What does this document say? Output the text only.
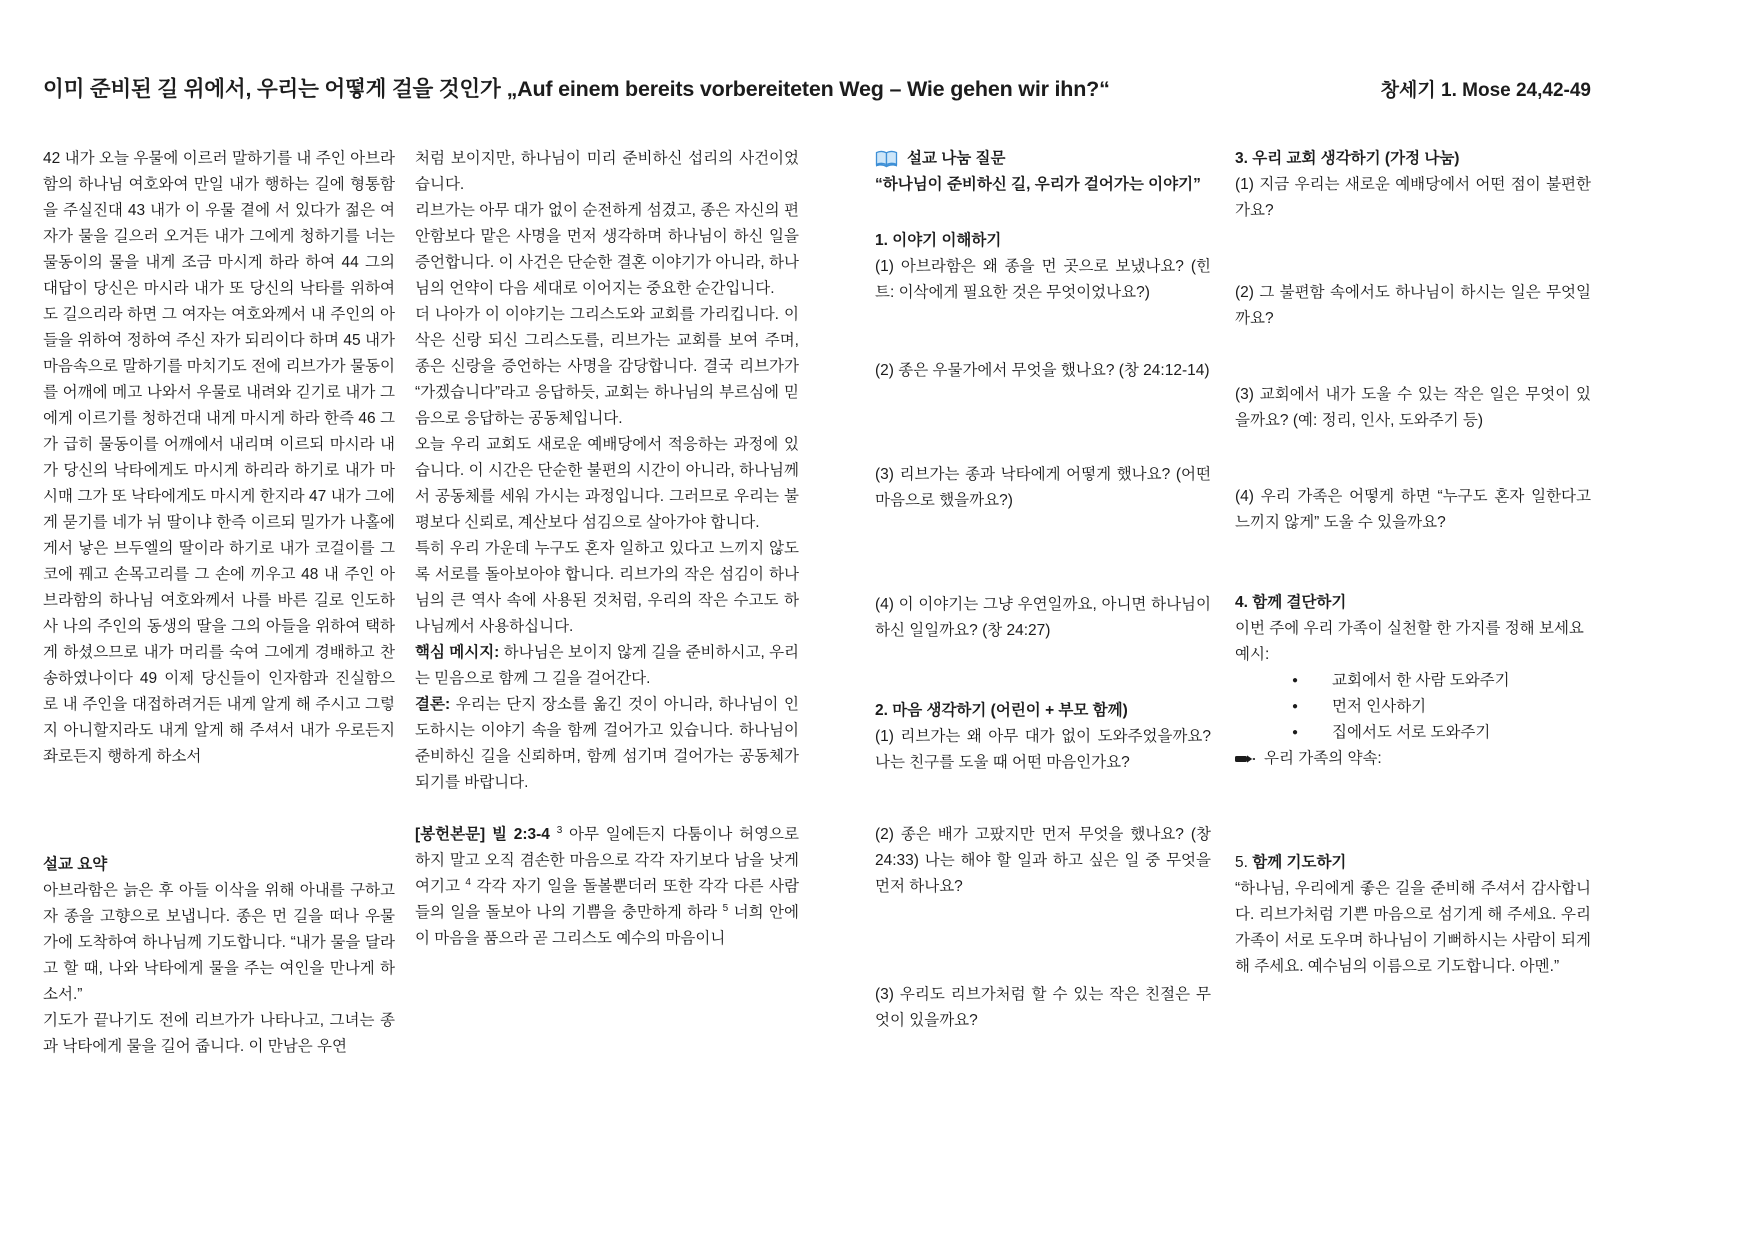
이미 준비된 길 위에서, 우리는 어떻게 걸을 것인가 „Auf einem bereits vorbereiteten Weg – Wie gehen wir ihn?“	창세기 1. Mose 24,42-49

42 내가 오늘 우물에 이르러 말하기를 내 주인 아브라함의 하나님 여호와여 만일 내가 행하는 길에 형통함을 주실진대 43 내가 이 우물 곁에 서 있다가 젊은 여자가 물을 길으러 오거든 내가 그에게 청하기를 너는 물동이의 물을 내게 조금 마시게 하라 하여 44 그의 대답이 당신은 마시라 내가 또 당신의 낙타를 위하여도 길으리라 하면 그 여자는 여호와께서 내 주인의 아들을 위하여 정하여 주신 자가 되리이다 하며 45 내가 마음속으로 말하기를 마치기도 전에 리브가가 물동이를 어깨에 메고 나와서 우물로 내려와 긷기로 내가 그에게 이르기를 청하건대 내게 마시게 하라 한즉 46 그가 급히 물동이를 어깨에서 내리며 이르되 마시라 내가 당신의 낙타에게도 마시게 하리라 하기로 내가 마시매 그가 또 낙타에게도 마시게 한지라 47 내가 그에게 묻기를 네가 뉘 딸이냐 한즉 이르되 밀가가 나홀에게서 낳은 브두엘의 딸이라 하기로 내가 코걸이를 그 코에 꿰고 손목고리를 그 손에 끼우고 48 내 주인 아브라함의 하나님 여호와께서 나를 바른 길로 인도하사 나의 주인의 동생의 딸을 그의 아들을 위하여 택하게 하셨으므로 내가 머리를 숙여 그에게 경배하고 찬송하였나이다 49 이제 당신들이 인자함과 진실함으로 내 주인을 대접하려거든 내게 알게 해 주시고 그렇지 아니할지라도 내게 알게 해 주셔서 내가 우로든지 좌로든지 행하게 하소서

설교 요약

아브라함은 늙은 후 아들 이삭을 위해 아내를 구하고자 종을 고향으로 보냅니다. 종은 먼 길을 떠나 우물가에 도착하여 하나님께 기도합니다. “내가 물을 달라고 할 때, 나와 낙타에게 물을 주는 여인을 만나게 하소서.”

기도가 끝나기도 전에 리브가가 나타나고, 그녀는 종과 낙타에게 물을 길어 줍니다. 이 만남은 우연

처럼 보이지만, 하나님이 미리 준비하신 섭리의 사건이었습니다.

리브가는 아무 대가 없이 순전하게 섬겼고, 종은 자신의 편안함보다 맡은 사명을 먼저 생각하며 하나님이 하신 일을 증언합니다. 이 사건은 단순한 결혼 이야기가 아니라, 하나님의 언약이 다음 세대로 이어지는 중요한 순간입니다.

더 나아가 이 이야기는 그리스도와 교회를 가리킵니다. 이삭은 신랑 되신 그리스도를, 리브가는 교회를 보여 주며, 종은 신랑을 증언하는 사명을 감당합니다. 결국 리브가가 “가겠습니다”라고 응답하듯, 교회는 하나님의 부르심에 믿음으로 응답하는 공동체입니다.

오늘 우리 교회도 새로운 예배당에서 적응하는 과정에 있습니다. 이 시간은 단순한 불편의 시간이 아니라, 하나님께서 공동체를 세워 가시는 과정입니다. 그러므로 우리는 불평보다 신뢰로, 계산보다 섬김으로 살아가야 합니다.

특히 우리 가운데 누구도 혼자 일하고 있다고 느끼지 않도록 서로를 돌아보아야 합니다. 리브가의 작은 섬김이 하나님의 큰 역사 속에 사용된 것처럼, 우리의 작은 수고도 하나님께서 사용하십니다.

핵심 메시지: 하나님은 보이지 않게 길을 준비하시고, 우리는 믿음으로 함께 그 길을 걸어간다.

결론: 우리는 단지 장소를 옮긴 것이 아니라, 하나님이 인도하시는 이야기 속을 함께 걸어가고 있습니다. 하나님이 준비하신 길을 신뢰하며, 함께 섬기며 걸어가는 공동체가 되기를 바랍니다.

[봉헌본문] 빌 2:3-4 $^3$ 아무 일에든지 다툼이나 허영으로 하지 말고 오직 겸손한 마음으로 각각 자기보다 남을 낫게 여기고 $^4$ 각각 자기 일을 돌볼뿐더러 또한 각각 다른 사람들의 일을 돌보아 나의 기쁨을 충만하게 하라 $^5$ 너희 안에 이 마음을 품으라 곧 그리스도 예수의 마음이니

설교 나눔 질문

“하나님이 준비하신 길, 우리가 걸어가는 이야기”

1. 이야기 이해하기

(1) 아브라함은 왜 종을 먼 곳으로 보냈나요? (힌트: 이삭에게 필요한 것은 무엇이었나요?)

(2) 종은 우물가에서 무엇을 했나요? (창 24:12-14)

(3) 리브가는 종과 낙타에게 어떻게 했나요? (어떤 마음으로 했을까요?)

(4) 이 이야기는 그냥 우연일까요, 아니면 하나님이 하신 일일까요? (창 24:27)

2. 마음 생각하기 (어린이 + 부모 함께)

(1) 리브가는 왜 아무 대가 없이 도와주었을까요? 나는 친구를 도울 때 어떤 마음인가요?

(2) 종은 배가 고팠지만 먼저 무엇을 했나요? (창 24:33) 나는 해야 할 일과 하고 싶은 일 중 무엇을 먼저 하나요?

(3) 우리도 리브가처럼 할 수 있는 작은 친절은 무엇이 있을까요?

3. 우리 교회 생각하기 (가정 나눔)

(1) 지금 우리는 새로운 예배당에서 어떤 점이 불편한가요?

(2) 그 불편함 속에서도 하나님이 하시는 일은 무엇일까요?

(3) 교회에서 내가 도울 수 있는 작은 일은 무엇이 있을까요? (예: 정리, 인사, 도와주기 등)

(4) 우리 가족은 어떻게 하면 “누구도 혼자 일한다고 느끼지 않게” 도울 수 있을까요?

4. 함께 결단하기

이번 주에 우리 가족이 실천할 한 가지를 정해 보세요

예시:

●	교회에서 한 사람 도와주기
●	먼저 인사하기
●	집에서도 서로 도와주기
우리 가족의 약속:

5. 함께 기도하기

“하나님, 우리에게 좋은 길을 준비해 주셔서 감사합니다. 리브가처럼 기쁜 마음으로 섬기게 해 주세요. 우리 가족이 서로 도우며 하나님이 기뻐하시는 사람이 되게 해 주세요. 예수님의 이름으로 기도합니다. 아멘.”
